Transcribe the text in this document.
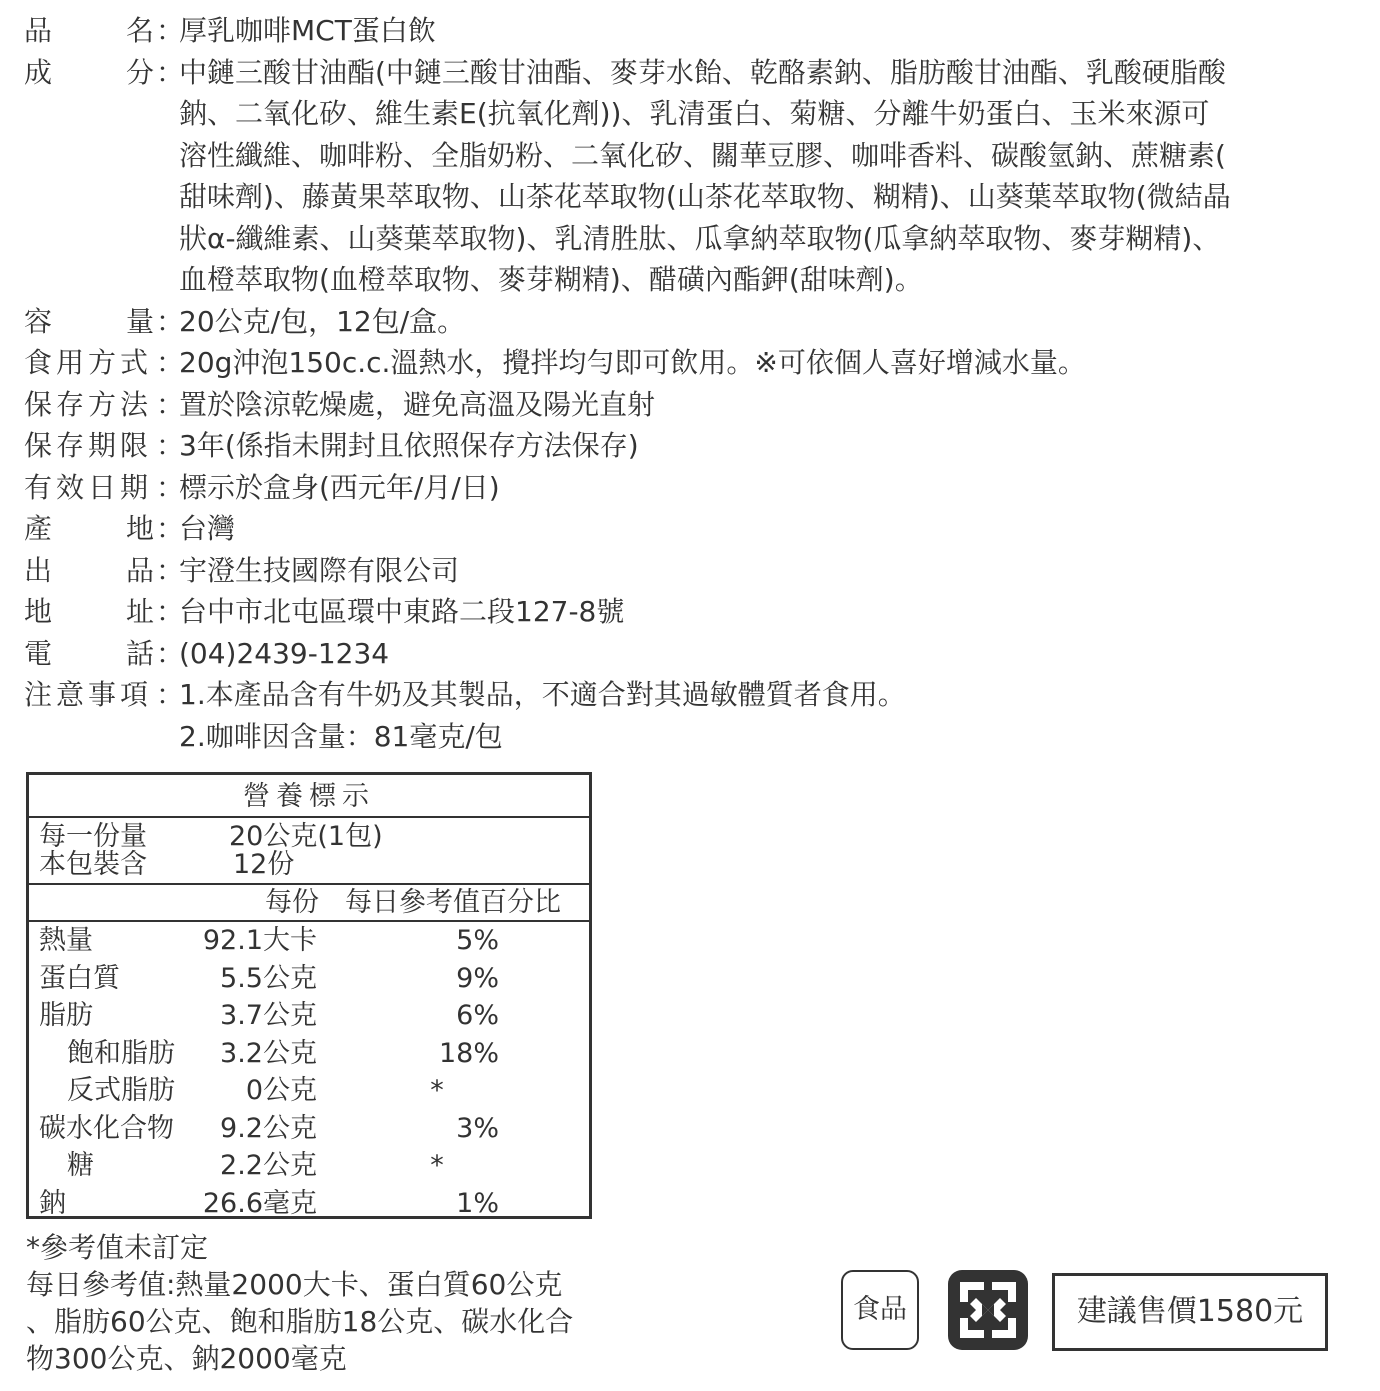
品	名 ：
厚乳咖啡MCT蛋白飲
成	分 ：
中鏈三酸甘油酯(中鏈三酸甘油酯、麥芽水飴、乾酪素鈉、脂肪酸甘油酯、乳酸硬脂酸
鈉、二氧化矽、維生素E(抗氧化劑))、乳清蛋白、菊糖、分離牛奶蛋白、玉米來源可
溶性纖維、咖啡粉、全脂奶粉、二氧化矽、關華豆膠、咖啡香料、碳酸氫鈉、蔗糖素(
甜味劑)、藤黃果萃取物、山茶花萃取物(山茶花萃取物、糊精)、山葵葉萃取物(微結晶
狀α-纖維素、山葵葉萃取物)、乳清胜肽、瓜拿納萃取物(瓜拿納萃取物、麥芽糊精)、
血橙萃取物(血橙萃取物、麥芽糊精)、醋磺內酯鉀(甜味劑)。
容	量 ：
20公克/包，12包/盒。
食用方式 ：
20g沖泡150c.c.溫熱水，攪拌均勻即可飲用。※可依個人喜好增減水量。
保存方法 ：
置於陰涼乾燥處，避免高溫及陽光直射
保存期限 ：
3年(係指未開封且依照保存方法保存)
有效日期 ：
標示於盒身(西元年/月/日)
產	地 ：
台灣
出	品 ：
宇澄生技國際有限公司
地	址 ：
台中市北屯區環中東路二段127-8號
電	話 ：
(04)2439-1234
注意事項 ：
1.本產品含有牛奶及其製品，不適合對其過敏體質者食用。
2.咖啡因含量：81毫克/包
營養標示
每一份量	20公克(1包)
本包裝含	12份
每份 每日參考值百分比
熱量	92.1大卡	5%
蛋白質	5.5公克	9%
脂肪	3.7公克	6%
飽和脂肪 3.2公克	18%
反式脂肪	0公克	*
碳水化合物 9.2公克	3%
糖	2.2公克	*
鈉	26.6毫克	1%
*參考值未訂定
每日參考值:熱量2000大卡、蛋白質60公克
、脂肪60公克、飽和脂肪18公克、碳水化合
物300公克、鈉2000毫克
食品	建議售價1580元
